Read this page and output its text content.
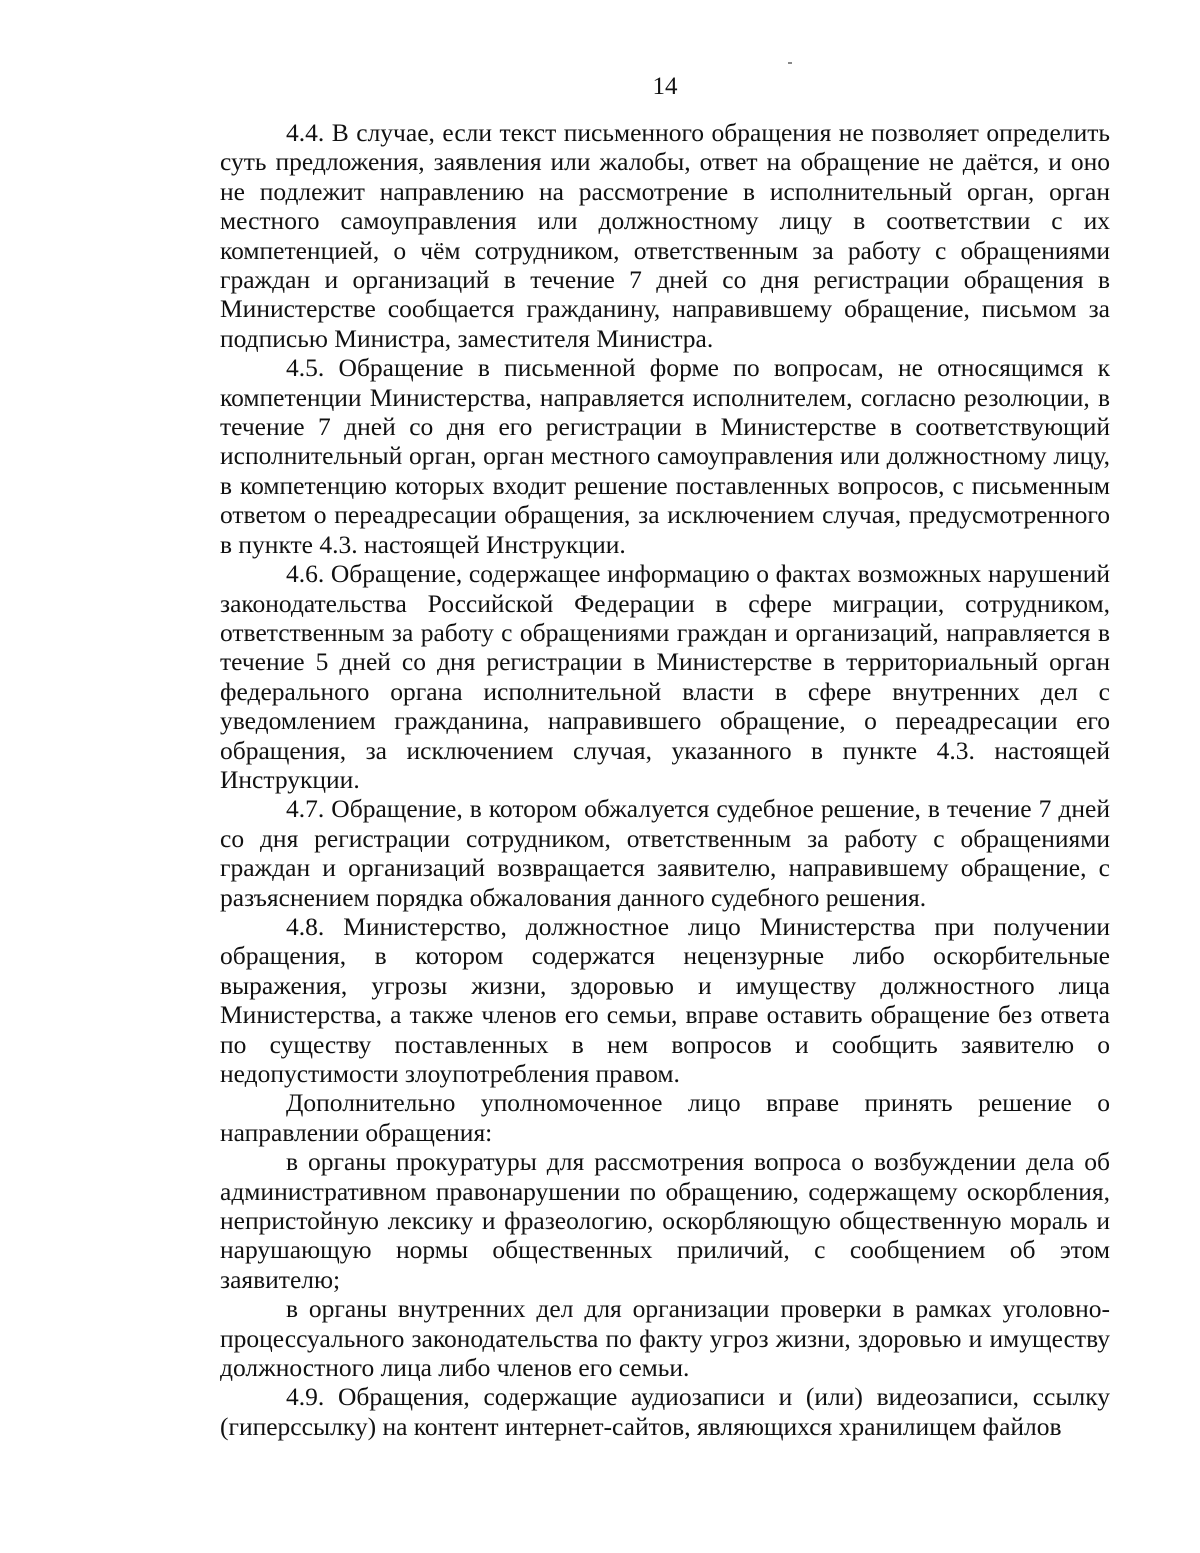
14

4.4. В случае, если текст письменного обращения не позволяет определить суть предложения, заявления или жалобы, ответ на обращение не даётся, и оно не подлежит направлению на рассмотрение в исполнительный орган, орган местного самоуправления или должностному лицу в соответствии с их компетенцией, о чём сотрудником, ответственным за работу с обращениями граждан и организаций в течение 7 дней со дня регистрации обращения в Министерстве сообщается гражданину, направившему обращение, письмом за подписью Министра, заместителя Министра.

4.5. Обращение в письменной форме по вопросам, не относящимся к компетенции Министерства, направляется исполнителем, согласно резолюции, в течение 7 дней со дня его регистрации в Министерстве в соответствующий исполнительный орган, орган местного самоуправления или должностному лицу, в компетенцию которых входит решение поставленных вопросов, с письменным ответом о переадресации обращения, за исключением случая, предусмотренного в пункте 4.3. настоящей Инструкции.

4.6. Обращение, содержащее информацию о фактах возможных нарушений законодательства Российской Федерации в сфере миграции, сотрудником, ответственным за работу с обращениями граждан и организаций, направляется в течение 5 дней со дня регистрации в Министерстве в территориальный орган федерального органа исполнительной власти в сфере внутренних дел с уведомлением гражданина, направившего обращение, о переадресации его обращения, за исключением случая, указанного в пункте 4.3. настоящей Инструкции.

4.7. Обращение, в котором обжалуется судебное решение, в течение 7 дней со дня регистрации сотрудником, ответственным за работу с обращениями граждан и организаций возвращается заявителю, направившему обращение, с разъяснением порядка обжалования данного судебного решения.

4.8. Министерство, должностное лицо Министерства при получении обращения, в котором содержатся нецензурные либо оскорбительные выражения, угрозы жизни, здоровью и имуществу должностного лица Министерства, а также членов его семьи, вправе оставить обращение без ответа по существу поставленных в нем вопросов и сообщить заявителю о недопустимости злоупотребления правом.

Дополнительно уполномоченное лицо вправе принять решение о направлении обращения:

в органы прокуратуры для рассмотрения вопроса о возбуждении дела об административном правонарушении по обращению, содержащему оскорбления, непристойную лексику и фразеологию, оскорбляющую общественную мораль и нарушающую нормы общественных приличий, с сообщением об этом заявителю;

в органы внутренних дел для организации проверки в рамках уголовно-процессуального законодательства по факту угроз жизни, здоровью и имуществу должностного лица либо членов его семьи.

4.9. Обращения, содержащие аудиозаписи и (или) видеозаписи, ссылку (гиперссылку) на контент интернет-сайтов, являющихся хранилищем файлов
